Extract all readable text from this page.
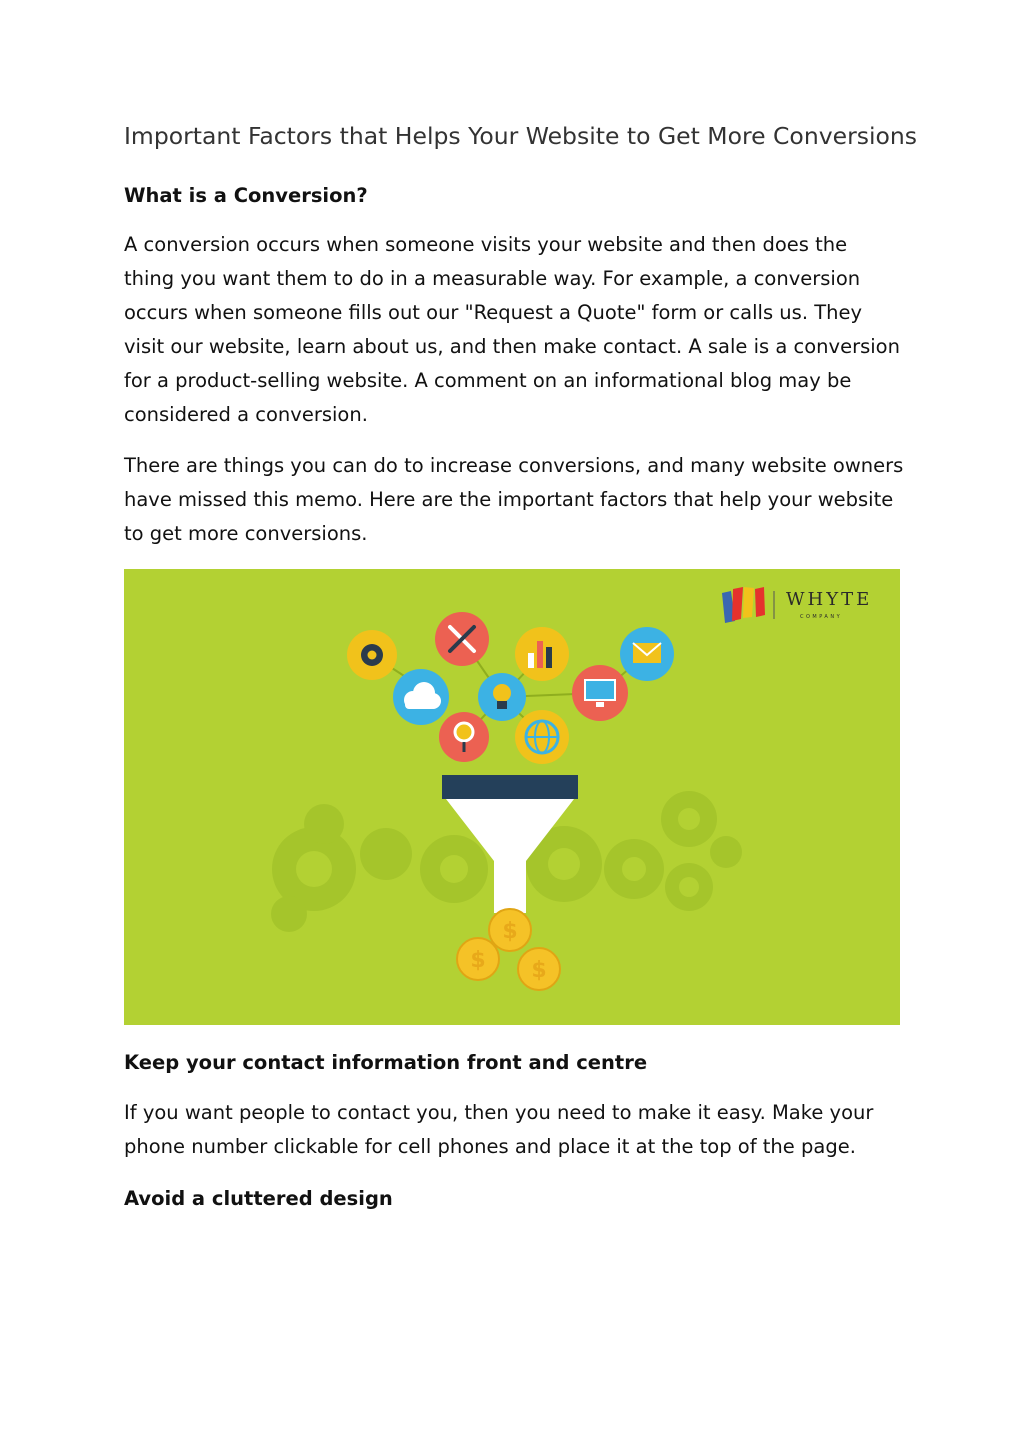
Important Factors that Helps Your Website to Get More Conversions
What is a Conversion?

A conversion occurs when someone visits your website and then does the
thing you want them to do in a measurable way. For example, a conversion
occurs when someone fills out our "Request a Quote" form or calls us. They
visit our website, learn about us, and then make contact. A sale is a conversion
for a product-selling website. A comment on an informational blog may be
considered a conversion.

There are things you can do to increase conversions, and many website owners
have missed this memo. Here are the important factors that help your website
to get more conversions.

Keep your contact information front and centre

If you want people to contact you, then you need to make it easy. Make your
phone number clickable for cell phones and place it at the top of the page.

Avoid a cluttered design
$
$ $
WHYTE
COMPANY
